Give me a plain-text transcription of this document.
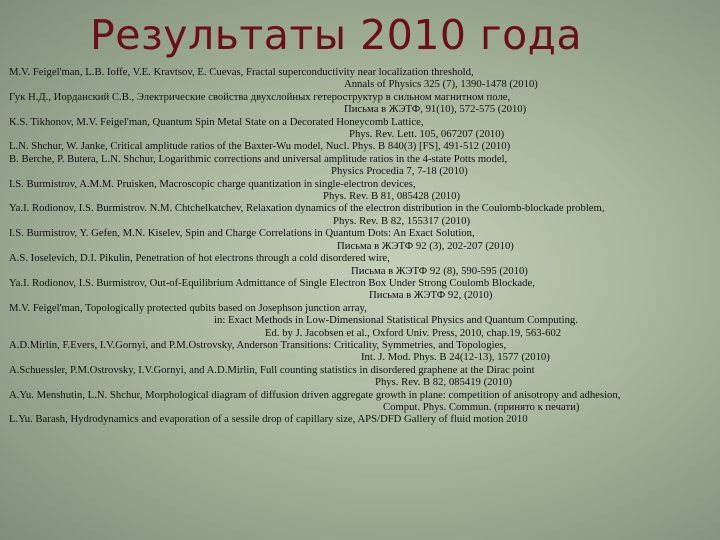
Результаты 2010 года
M.V. Feigel'man, L.B. Ioffe, V.E. Kravtsov, E. Cuevas, Fractal superconductivity near localization threshold,
Annals of Physics 325 (7), 1390-1478 (2010)
Гук Н.Д., Иорданский С.В., Электрические свойства двухслойных гетероструктур в сильном магнитном поле,
Письма в ЖЭТФ, 91(10), 572-575 (2010)
K.S. Tikhonov, M.V. Feigel'man, Quantum Spin Metal State on a Decorated Honeycomb Lattice,
Phys. Rev. Lett. 105, 067207 (2010)
L.N. Shchur, W. Janke, Critical amplitude ratios of the Baxter-Wu model, Nucl. Phys. B 840(3) [FS], 491-512 (2010)
B. Berche, P. Butera, L.N. Shchur, Logarithmic corrections and universal amplitude ratios in the 4-state Potts model,
Physics Procedia 7, 7-18 (2010)
I.S. Burmistrov, A.M.M. Pruisken, Macroscopic charge quantization in single-electron devices,
Phys. Rev. B 81, 085428 (2010)
Ya.I. Rodionov, I.S. Burmistrov. N.M. Chtchelkatchev, Relaxation dynamics of the electron distribution in the Coulomb-blockade problem,
Phys. Rev. B 82, 155317 (2010)
I.S. Burmistrov, Y. Gefen, M.N. Kiselev, Spin and Charge Correlations in Quantum Dots: An Exact Solution,
Письма в ЖЭТФ 92 (3), 202-207 (2010)
A.S. Ioselevich, D.I. Pikulin, Penetration of hot electrons through a cold disordered wire,
Письма в ЖЭТФ 92 (8), 590-595 (2010)
Ya.I. Rodionov, I.S. Burmistrov, Out-of-Equilibrium Admittance of Single Electron Box Under Strong Coulomb Blockade,
Письма в ЖЭТФ 92, (2010)
M.V. Feigel'man, Topologically protected qubits based on Josephson junction array,
in: Exact Methods in Low-Dimensional Statistical Physics and Quantum Computing.
Ed. by J. Jacobsen et al., Oxford Univ. Press, 2010, chap.19, 563-602
A.D.Mirlin, F.Evers, I.V.Gornyi, and P.M.Ostrovsky, Anderson Transitions: Criticality, Symmetries, and Topologies,
Int. J. Mod. Phys. B 24(12-13), 1577 (2010)
A.Schuessler, P.M.Ostrovsky, I.V.Gornyi, and A.D.Mirlin, Full counting statistics in disordered graphene at the Dirac point
Phys. Rev. B 82, 085419 (2010)
A.Yu. Menshutin, L.N. Shchur, Morphological diagram of diffusion driven aggregate growth in plane: competition of anisotropy and adhesion,
Comput. Phys. Commun. (принято к печати)
L.Yu. Barash, Hydrodynamics and evaporation of a sessile drop of capillary size, APS/DFD Gallery of fluid motion 2010
